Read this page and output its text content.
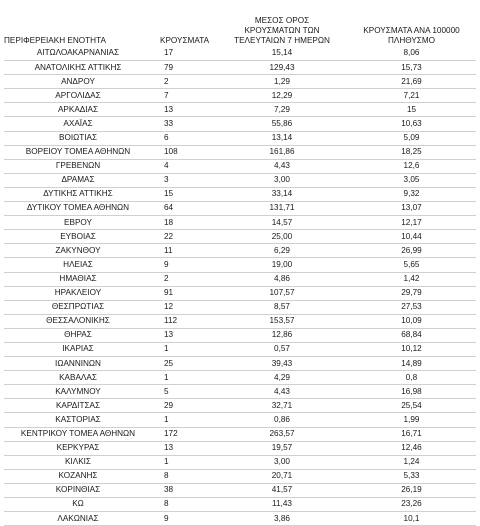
ΠΕΡΙΦΕΡΕΙΑΚΗ ΕΝΟΤΗΤΑ	ΚΡΟΥΣΜΑΤΑ	ΜΕΣΟΣ ΟΡΟΣ
ΚΡΟΥΣΜΑΤΩΝ ΤΩΝ
ΤΕΛΕΥΤΑΙΩΝ 7 ΗΜΕΡΩΝ	ΚΡΟΥΣΜΑΤΑ ΑΝΑ 100000
ΠΛΗΘΥΣΜΟ
ΑΙΤΩΛΟΑΚΑΡΝΑΝΙΑΣ	17	15,14	8,06
ΑΝΑΤΟΛΙΚΗΣ ΑΤΤΙΚΗΣ	79	129,43	15,73
ΑΝΔΡΟΥ	2	1,29	21,69
ΑΡΓΟΛΙΔΑΣ	7	12,29	7,21
ΑΡΚΑΔΙΑΣ	13	7,29	15
ΑΧΑΪΑΣ	33	55,86	10,63
ΒΟΙΩΤΙΑΣ	6	13,14	5,09
ΒΟΡΕΙΟΥ ΤΟΜΕΑ ΑΘΗΝΩΝ	108	161,86	18,25
ΓΡΕΒΕΝΩΝ	4	4,43	12,6
ΔΡΑΜΑΣ	3	3,00	3,05
ΔΥΤΙΚΗΣ ΑΤΤΙΚΗΣ	15	33,14	9,32
ΔΥΤΙΚΟΥ ΤΟΜΕΑ ΑΘΗΝΩΝ	64	131,71	13,07
ΕΒΡΟΥ	18	14,57	12,17
ΕΥΒΟΙΑΣ	22	25,00	10,44
ΖΑΚΥΝΘΟΥ	11	6,29	26,99
ΗΛΕΙΑΣ	9	19,00	5,65
ΗΜΑΘΙΑΣ	2	4,86	1,42
ΗΡΑΚΛΕΙΟΥ	91	107,57	29,79
ΘΕΣΠΡΩΤΙΑΣ	12	8,57	27,53
ΘΕΣΣΑΛΟΝΙΚΗΣ	112	153,57	10,09
ΘΗΡΑΣ	13	12,86	68,84
ΙΚΑΡΙΑΣ	1	0,57	10,12
ΙΩΑΝΝΙΝΩΝ	25	39,43	14,89
ΚΑΒΑΛΑΣ	1	4,29	0,8
ΚΑΛΥΜΝΟΥ	5	4,43	16,98
ΚΑΡΔΙΤΣΑΣ	29	32,71	25,54
ΚΑΣΤΟΡΙΑΣ	1	0,86	1,99
ΚΕΝΤΡΙΚΟΥ ΤΟΜΕΑ ΑΘΗΝΩΝ	172	263,57	16,71
ΚΕΡΚΥΡΑΣ	13	19,57	12,46
ΚΙΛΚΙΣ	1	3,00	1,24
ΚΟΖΑΝΗΣ	8	20,71	5,33
ΚΟΡΙΝΘΙΑΣ	38	41,57	26,19
ΚΩ	8	11,43	23,26
ΛΑΚΩΝΙΑΣ	9	3,86	10,1
